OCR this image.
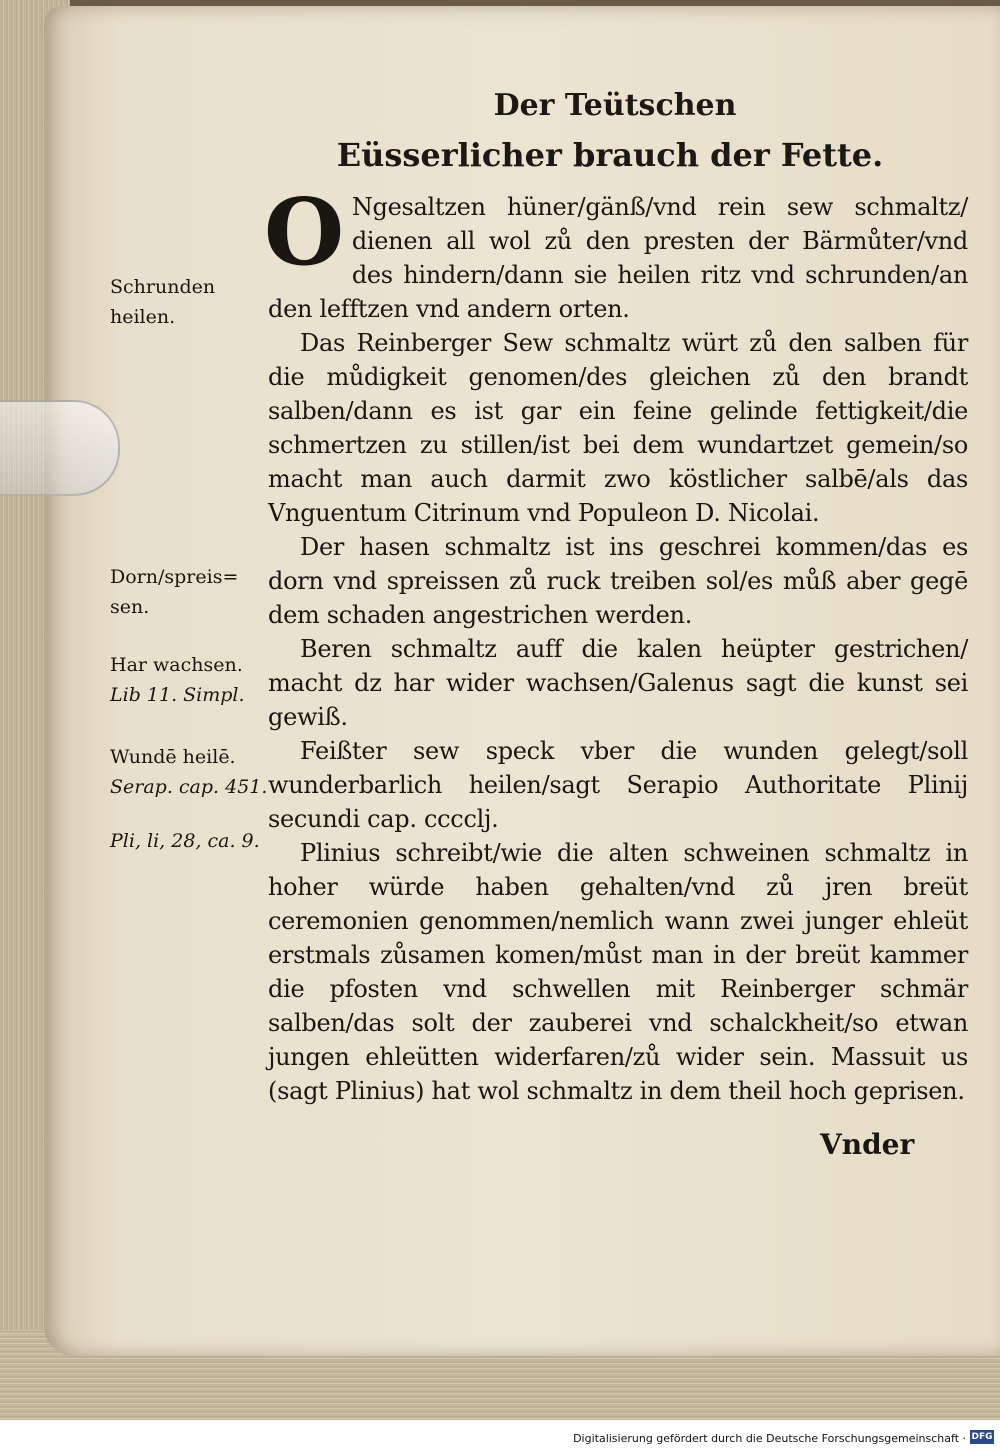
Der Teütschen
Eüsserlicher brauch der Fette.

O Ngesaltzen hüner/gänß/vnd rein sew schmaltz/ dienen all wol zů den presten der Bärmůter/vnd des hindern/dann sie heilen ritz vnd schrunden/an den lefftzen vnd andern orten.

Das Reinberger Sew schmaltz würt zů den salben für die můdigkeit genomen/des gleichen zů den brandt salben/dann es ist gar ein feine gelinde fettigkeit/die schmertzen zu stillen/ist bei dem wundartzet gemein/so macht man auch darmit zwo köstlicher salbē/als das Vnguentum Citrinum vnd Populeon D. Nicolai.

Der hasen schmaltz ist ins geschrei kommen/das es dorn vnd spreissen zů ruck treiben sol/es můß aber gegē dem schaden angestrichen werden.

Beren schmaltz auff die kalen heüpter gestrichen/ macht dz har wider wachsen/Galenus sagt die kunst sei gewiß.

Feißter sew speck vber die wunden gelegt/soll wunderbarlich heilen/sagt Serapio Authoritate Plinij secundi cap. cccclj.

Plinius schreibt/wie die alten schweinen schmaltz in hoher würde haben gehalten/vnd zů jren breüt ceremonien genommen/nemlich wann zwei junger ehleüt erstmals zůsamen komen/můst man in der breüt kammer die pfosten vnd schwellen mit Reinberger schmär salben/das solt der zauberei vnd schalckheit/so etwan jungen ehleütten widerfaren/zů wider sein. Massuit us (sagt Plinius) hat wol schmaltz in dem theil hoch geprisen.

Vnder
Schrunden
heilen.
Dorn/spreis=
sen.
Har wachsen.
Lib 11. Simpl.
Wundē heilē.
Serap. cap. 451.
Pli, li, 28, ca. 9.
Digitalisierung gefördert durch die Deutsche Forschungsgemeinschaft · DFG
